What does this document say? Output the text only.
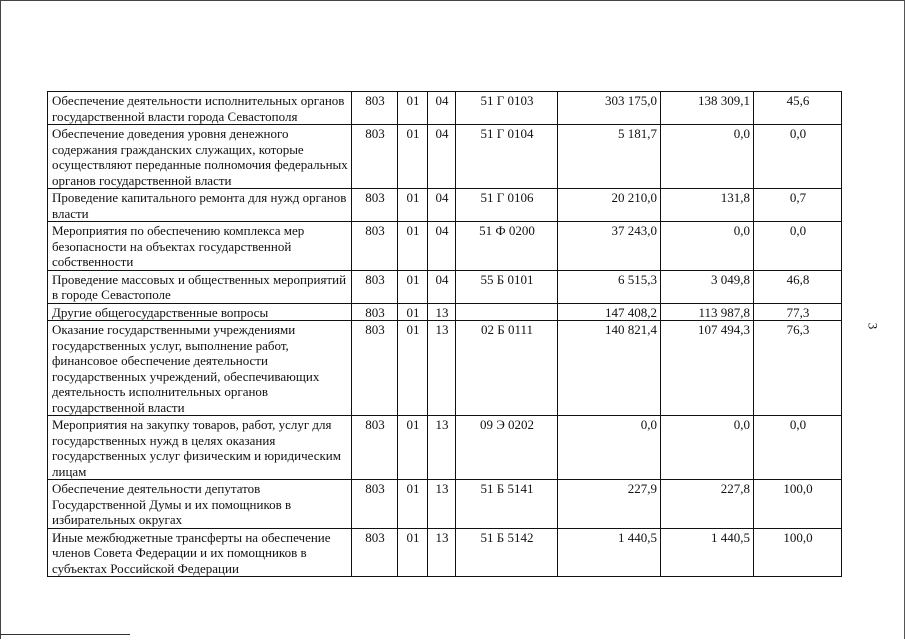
Обеспечение деятельности исполнительных органов государственной власти города Севастополя	803	01	04	51 Г 0103	303 175,0	138 309,1	45,6
Обеспечение доведения уровня денежного содержания гражданских служащих, которые осуществляют переданные полномочия федеральных органов государственной власти	803	01	04	51 Г 0104	5 181,7	0,0	0,0
Проведение капитального ремонта для нужд органов власти	803	01	04	51 Г 0106	20 210,0	131,8	0,7
Мероприятия по обеспечению комплекса мер безопасности на объектах государственной собственности	803	01	04	51 Ф 0200	37 243,0	0,0	0,0
Проведение массовых и общественных мероприятий в городе Севастополе	803	01	04	55 Б 0101	6 515,3	3 049,8	46,8
Другие общегосударственные вопросы	803	01	13		147 408,2	113 987,8	77,3
Оказание государственными учреждениями государственных услуг, выполнение работ, финансовое обеспечение деятельности государственных учреждений, обеспечивающих деятельность исполнительных органов государственной власти	803	01	13	02 Б 0111	140 821,4	107 494,3	76,3
Мероприятия на закупку товаров, работ, услуг для государственных нужд в целях оказания государственных услуг физическим и юридическим лицам	803	01	13	09 Э 0202	0,0	0,0	0,0
Обеспечение деятельности депутатов Государственной Думы и их помощников в избирательных округах	803	01	13	51 Б 5141	227,9	227,8	100,0
Иные межбюджетные трансферты на обеспечение членов Совета Федерации и их помощников в субъектах Российской Федерации	803	01	13	51 Б 5142	1 440,5	1 440,5	100,0
3
